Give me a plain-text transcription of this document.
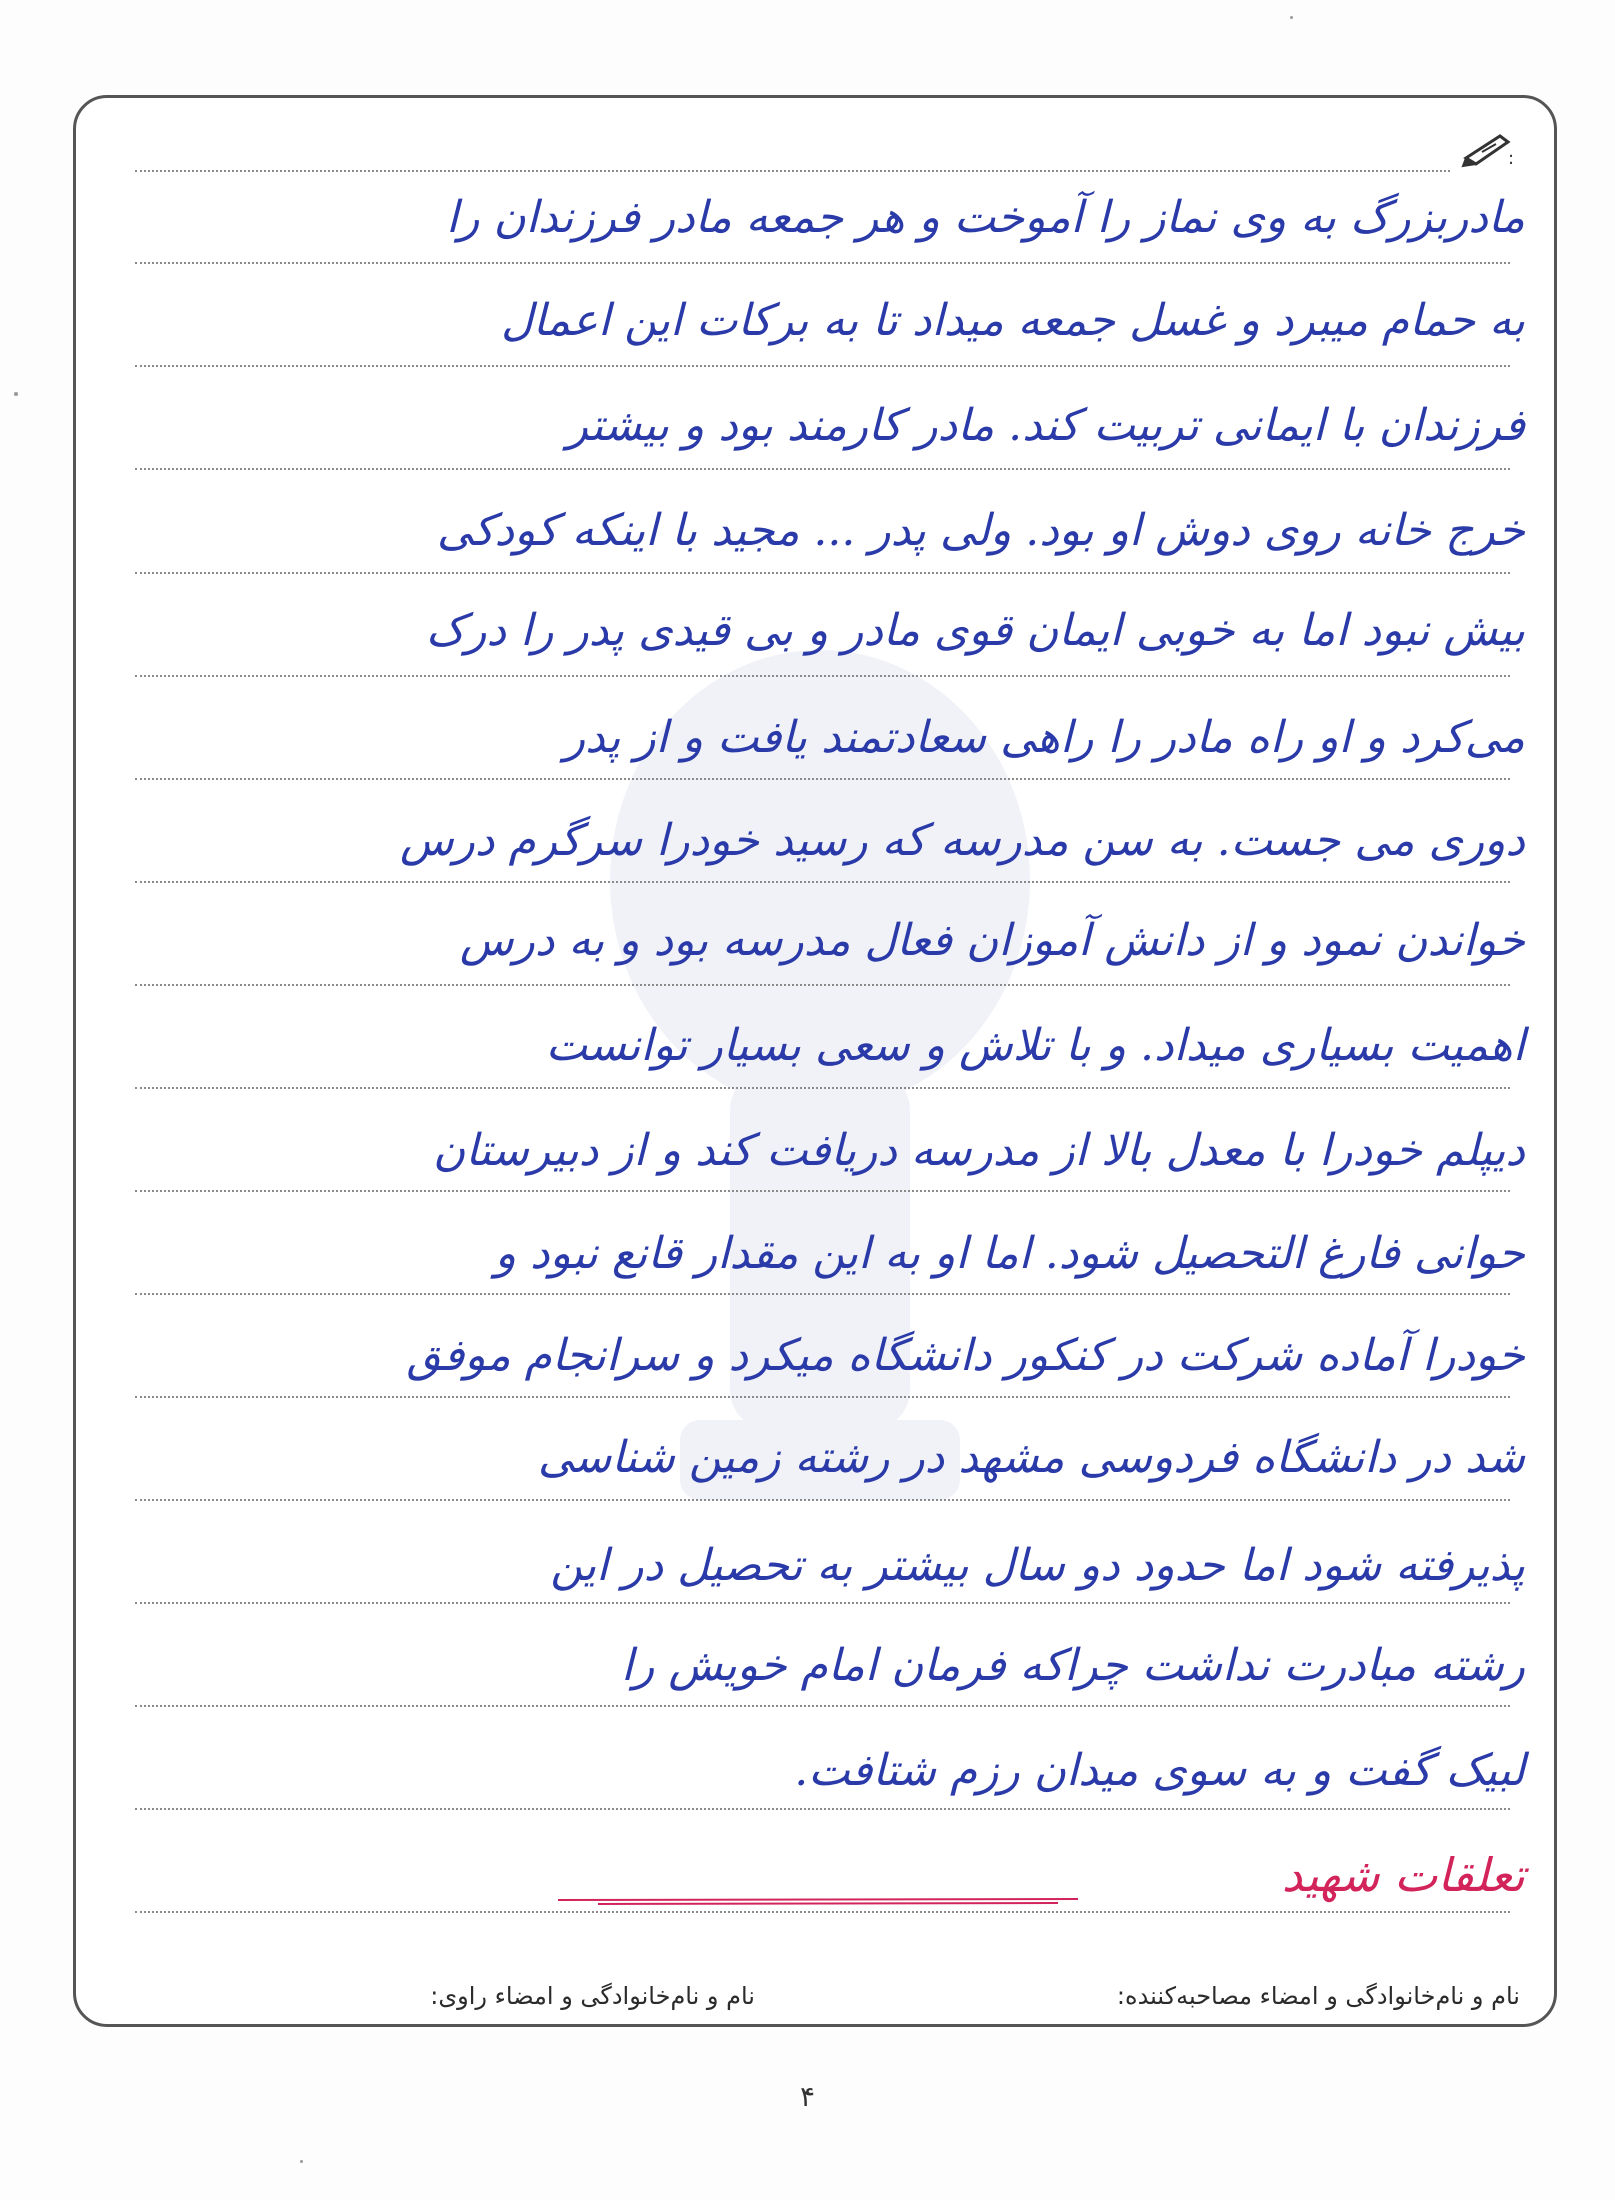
:
مادربزرگ به وی نماز را آموخت و هر جمعه مادر فرزندان را
به حمام میبرد و غسل جمعه میداد تا به برکات این اعمال
فرزندان با ایمانی تربیت کند. مادر کارمند بود و بیشتر
خرج خانه روی دوش او بود. ولی پدر ... مجید با اینکه کودکی
بیش نبود اما به خوبی ایمان قوی مادر و بی قیدی پدر را درک
می‌کرد و او راه مادر را راهی سعادتمند یافت و از پدر
دوری می جست. به سن مدرسه که رسید خودرا سرگرم درس
خواندن نمود و از دانش آموزان فعال مدرسه بود و به درس
اهمیت بسیاری میداد. و با تلاش و سعی بسیار توانست
دیپلم خودرا با معدل بالا از مدرسه دریافت کند و از دبیرستان
حوانی فارغ التحصیل شود. اما او به این مقدار قانع نبود و
خودرا آماده شرکت در کنکور دانشگاه میکرد و سرانجام موفق
شد در دانشگاه فردوسی مشهد در رشته زمین شناسی
پذیرفته شود اما حدود دو سال بیشتر به تحصیل در این
رشته مبادرت نداشت چراکه فرمان امام خویش را
لبیک گفت و به سوی میدان رزم شتافت.
تعلقات شهید
نام و نام‌خانوادگی و امضاء مصاحبه‌کننده:
نام و نام‌خانوادگی و امضاء راوی:
۴
